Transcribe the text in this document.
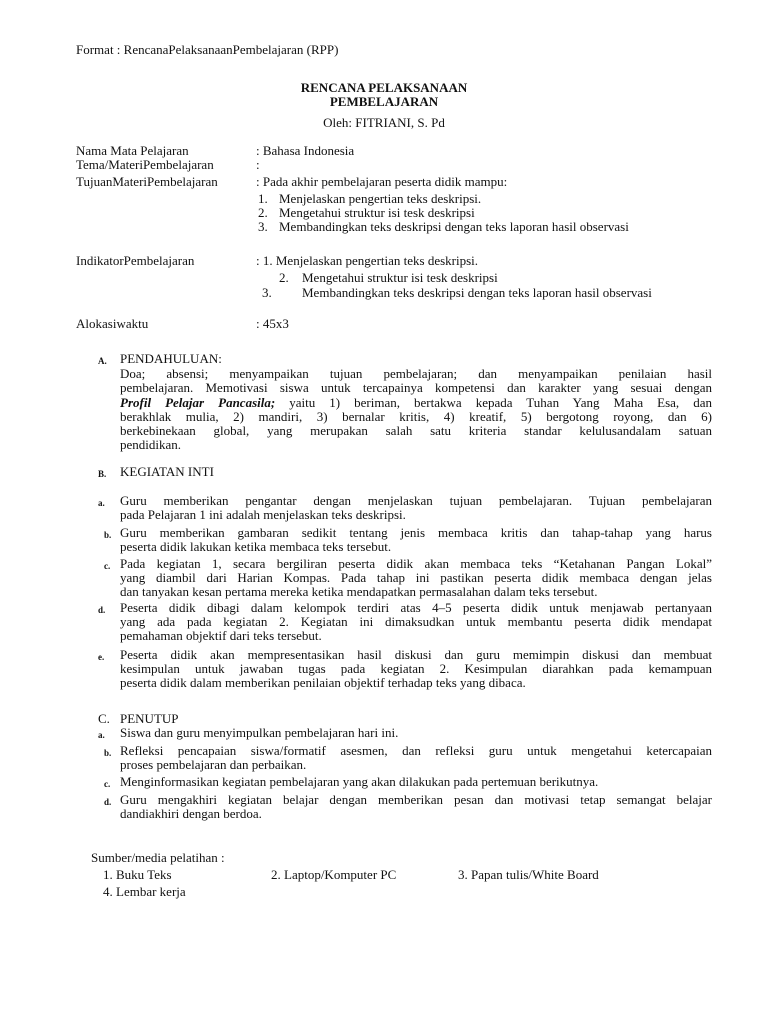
Format : RencanaPelaksanaanPembelajaran (RPP)
RENCANA PELAKSANAAN
PEMBELAJARAN
Oleh: FITRIANI, S. Pd
Nama Mata Pelajaran	: Bahasa Indonesia
Tema/MateriPembelajaran	:
TujuanMateriPembelajaran	: Pada akhir pembelajaran peserta didik mampu:
1. Menjelaskan pengertian teks deskripsi.
2. Mengetahui struktur isi tesk deskripsi
3. Membandingkan teks deskripsi dengan teks laporan hasil observasi
IndikatorPembelajaran	: 1. Menjelaskan pengertian teks deskripsi.
2. Mengetahui struktur isi tesk deskripsi
3. Membandingkan teks deskripsi dengan teks laporan hasil observasi
Alokasiwaktu	: 45x3
A. PENDAHULUAN:
Doa; absensi; menyampaikan tujuan pembelajaran; dan menyampaikan penilaian hasil
pembelajaran. Memotivasi siswa untuk tercapainya kompetensi dan karakter yang sesuai dengan
Profil Pelajar Pancasila; yaitu 1) beriman, bertakwa kepada Tuhan Yang Maha Esa, dan
berakhlak mulia, 2) mandiri, 3) bernalar kritis, 4) kreatif, 5) bergotong royong, dan 6)
berkebinekaan global, yang merupakan salah satu kriteria standar kelulusandalam satuan
pendidikan.
B. KEGIATAN INTI
a. Guru memberikan pengantar dengan menjelaskan tujuan pembelajaran. Tujuan pembelajaran
pada Pelajaran 1 ini adalah menjelaskan teks deskripsi.
b. Guru memberikan gambaran sedikit tentang jenis membaca kritis dan tahap-tahap yang harus
peserta didik lakukan ketika membaca teks tersebut.
c. Pada kegiatan 1, secara bergiliran peserta didik akan membaca teks “Ketahanan Pangan Lokal”
yang diambil dari Harian Kompas. Pada tahap ini pastikan peserta didik membaca dengan jelas
dan tanyakan kesan pertama mereka ketika mendapatkan permasalahan dalam teks tersebut.
d. Peserta didik dibagi dalam kelompok terdiri atas 4–5 peserta didik untuk menjawab pertanyaan
yang ada pada kegiatan 2. Kegiatan ini dimaksudkan untuk membantu peserta didik mendapat
pemahaman objektif dari teks tersebut.
e. Peserta didik akan mempresentasikan hasil diskusi dan guru memimpin diskusi dan membuat
kesimpulan untuk jawaban tugas pada kegiatan 2. Kesimpulan diarahkan pada kemampuan
peserta didik dalam memberikan penilaian objektif terhadap teks yang dibaca.
C. PENUTUP
a. Siswa dan guru menyimpulkan pembelajaran hari ini.
b. Refleksi pencapaian siswa/formatif asesmen, dan refleksi guru untuk mengetahui ketercapaian
proses pembelajaran dan perbaikan.
c. Menginformasikan kegiatan pembelajaran yang akan dilakukan pada pertemuan berikutnya.
d. Guru mengakhiri kegiatan belajar dengan memberikan pesan dan motivasi tetap semangat belajar
dandiakhiri dengan berdoa.
Sumber/media pelatihan :
1. Buku Teks	2. Laptop/Komputer PC	3. Papan tulis/White Board
4. Lembar kerja
